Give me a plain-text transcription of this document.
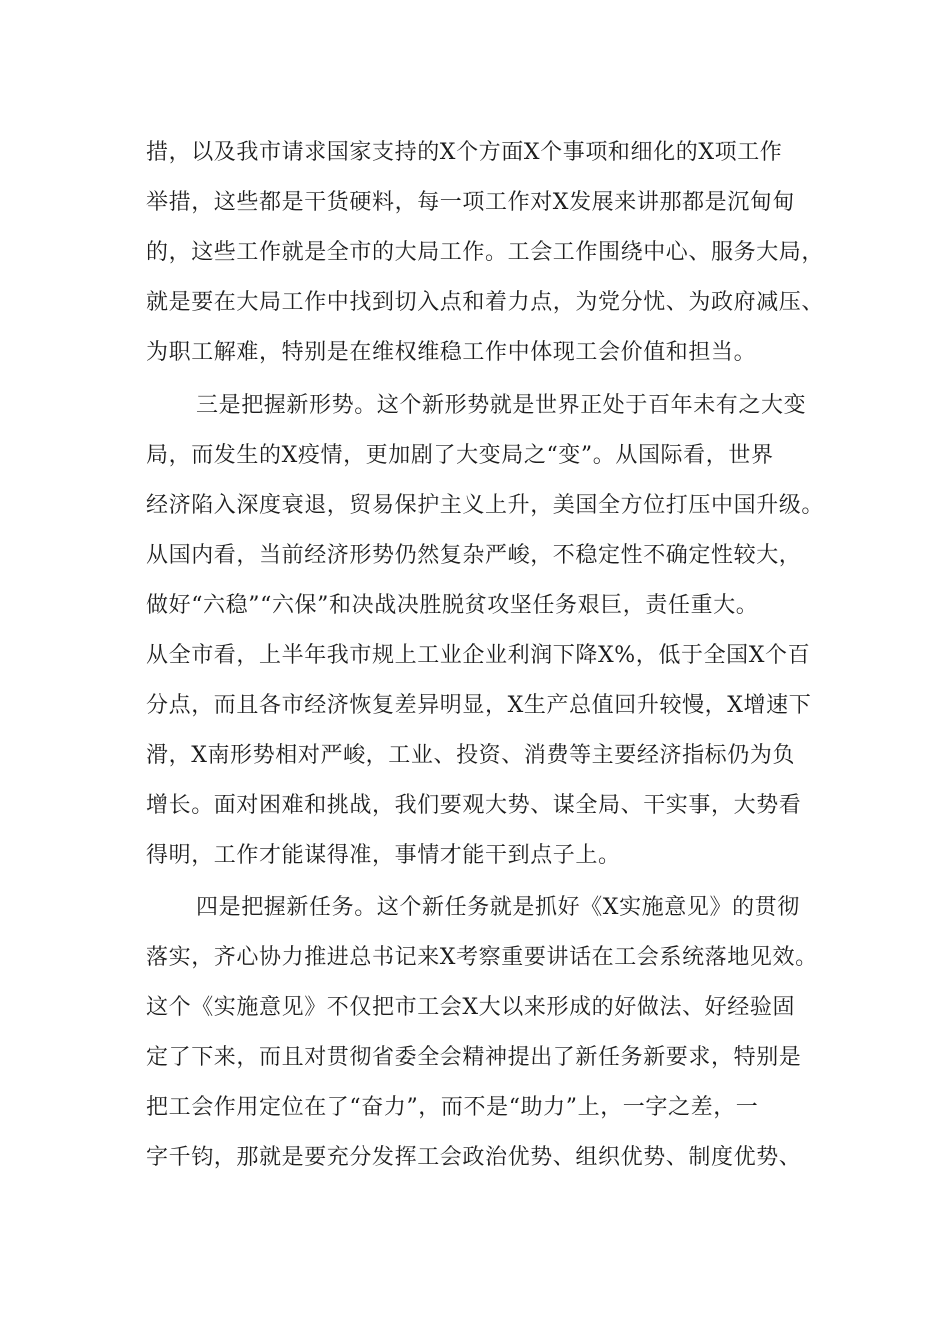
措，以及我市请求国家支持的X个方面X个事项和细化的X项工作
举措，这些都是干货硬料，每一项工作对X发展来讲那都是沉甸甸
的，这些工作就是全市的大局工作。工会工作围绕中心、服务大局，
就是要在大局工作中找到切入点和着力点，为党分忧、为政府减压、
为职工解难，特别是在维权维稳工作中体现工会价值和担当。
三是把握新形势。这个新形势就是世界正处于百年未有之大变
局，而发生的X疫情，更加剧了大变局之“变”。从国际看，世界
经济陷入深度衰退，贸易保护主义上升，美国全方位打压中国升级。
从国内看，当前经济形势仍然复杂严峻，不稳定性不确定性较大，
做好“六稳”“六保”和决战决胜脱贫攻坚任务艰巨，责任重大。
从全市看，上半年我市规上工业企业利润下降X%，低于全国X个百
分点，而且各市经济恢复差异明显，X生产总值回升较慢，X增速下
滑，X南形势相对严峻，工业、投资、消费等主要经济指标仍为负
增长。面对困难和挑战，我们要观大势、谋全局、干实事，大势看
得明，工作才能谋得准，事情才能干到点子上。
四是把握新任务。这个新任务就是抓好《X实施意见》的贯彻
落实，齐心协力推进总书记来X考察重要讲话在工会系统落地见效。
这个《实施意见》不仅把市工会X大以来形成的好做法、好经验固
定了下来，而且对贯彻省委全会精神提出了新任务新要求，特别是
把工会作用定位在了“奋力”，而不是“助力”上，一字之差，一
字千钧，那就是要充分发挥工会政治优势、组织优势、制度优势、
